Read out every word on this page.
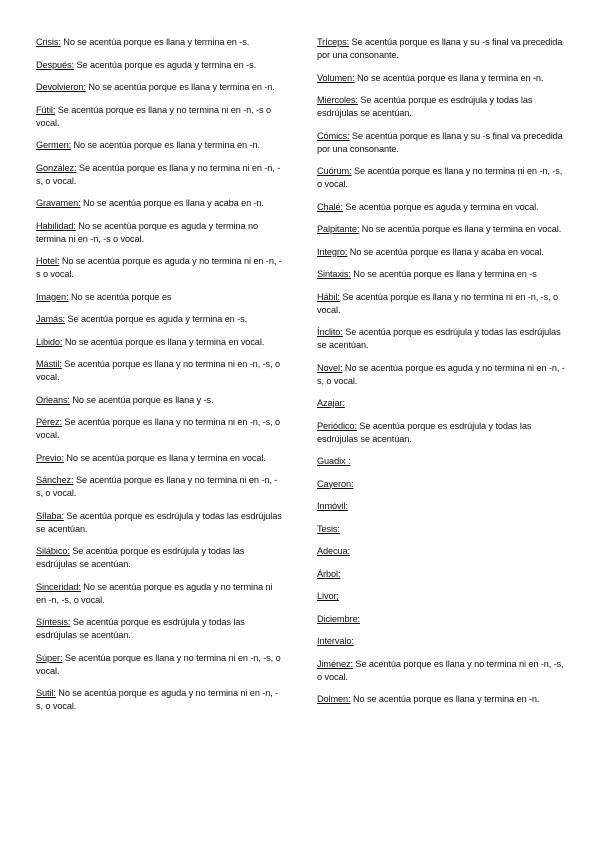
Crisis: No se acentúa porque es llana y termina en -s.

Después: Se acentúa porque es aguda y termina en -s.

Devolvieron: No se acentúa porque es llana y termina en -n.

Fútil: Se acentúa porque es llana y no termina ni en -n, -s o vocal.

Germen: No se acentúa porque es llana y termina en -n.

González: Se acentúa porque es llana y no termina ni en -n, -s, o vocal.

Gravamen: No se acentúa porque es llana y acaba en -n.

Habilidad: No se acentúa porque es aguda y termina no termina ni en -n, -s o vocal.

Hotel: No se acentúa porque es aguda y no termina ni en -n, -s o vocal.

Imagen: No se acentúa porque es

Jamás: Se acentúa porque es aguda y termina en -s.

Libido: No se acentúa porque es llana y termina en vocal.

Mástil: Se acentúa porque es llana y no termina ni en -n, -s, o vocal.

Orleans: No se acentúa porque es llana y -s.

Pérez: Se acentúa porque es llana y no termina ni en -n, -s, o vocal.

Previo: No se acentúa porque es llana y termina en vocal.

Sánchez: Se acentúa porque es llana y no termina ni en -n, -s, o vocal.

Sílaba: Se acentúa porque es esdrújula y todas las esdrújulas se acentúan.

Silábico: Se acentúa porque es esdrújula y todas las esdrújulas se acentúan.

Sinceridad: No se acentúa porque es aguda y no termina ni en -n, -s, o vocal.

Síntesis: Se acentúa porque es esdrújula y todas las esdrújulas se acentúan.

Súper: Se acentúa porque es llana y no termina ni en -n, -s, o vocal.

Sutil: No se acentúa porque es aguda y no termina ni en -n, -s, o vocal.

Tríceps: Se acentúa porque es llana y su -s final va precedida por una consonante.

Volumen: No se acentúa porque es llana y termina en -n.

Miércoles: Se acentúa porque es esdrújula y todas las esdrújulas se acentúan.

Cómics: Se acentúa porque es llana y su -s final va precedida por una consonante.

Cuórum: Se acentúa porque es llana y no termina ni en -n, -s, o vocal.

Chalé: Se acentúa porque es aguda y termina en vocal.

Palpitante: No se acentúa porque es llana y termina en vocal.

Integro: No se acentúa porque es llana y acaba en vocal.

Sintaxis: No se acentúa porque es llana y termina en -s

Hábil: Se acentúa porque es llana y no termina ni en -n, -s, o vocal.

Ínclito: Se acentúa porque es esdrújula y todas las esdrújulas se acentúan.

Novel: No se acentúa porque es aguda y no termina ni en -n, -s, o vocal.

Azajar:

Periódico: Se acentúa porque es esdrújula y todas las esdrújulas se acentúan.

Guadix :

Cayeron:

Inmóvil:

Tesis:

Adecua:

Árbol:

Livor;

Diciembre:

Intervalo:

Jiménez: Se acentúa porque es llana y no termina ni en -n, -s, o vocal.

Dolmen: No se acentúa porque es llana y termina en -n.
